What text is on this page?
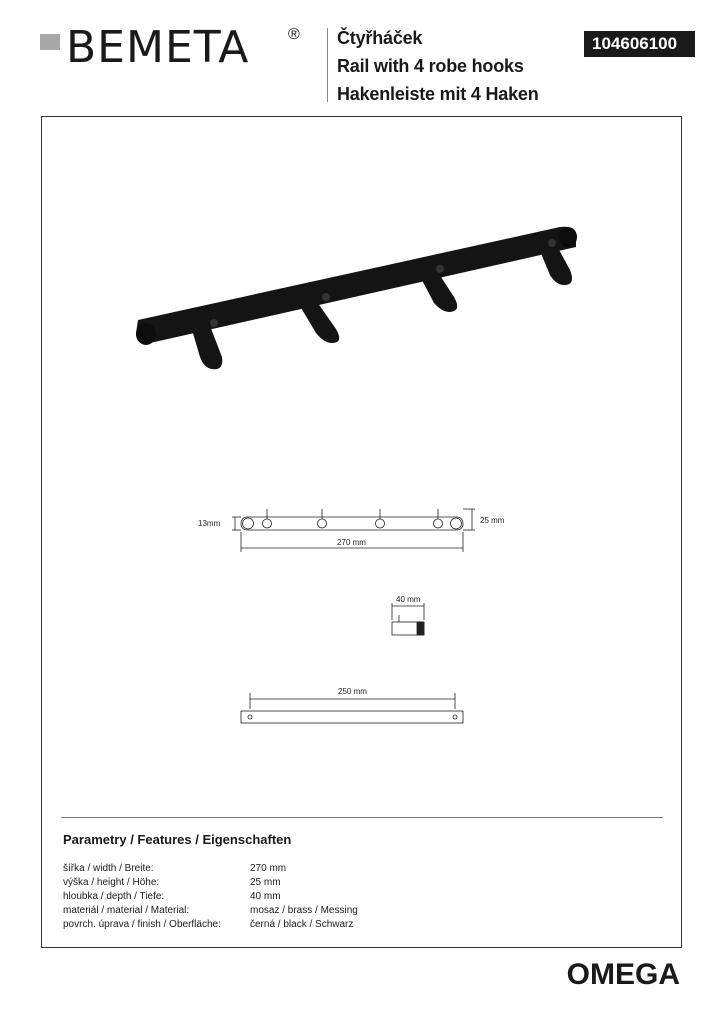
BEMETA ® Čtyřháček
Rail with 4 robe hooks
Hakenleiste mit 4 Haken
104606100
13mm	25 mm
270 mm
40 mm
250 mm
Parametry / Features / Eigenschaften
šířka / width / Breite:	270 mm
výška / height / Höhe:	25 mm
hloubka / depth / Tiefe:	40 mm
materiál / material / Material:	mosaz / brass / Messing
povrch. úprava / finish / Oberfläche:	černá / black / Schwarz
OMEGA
